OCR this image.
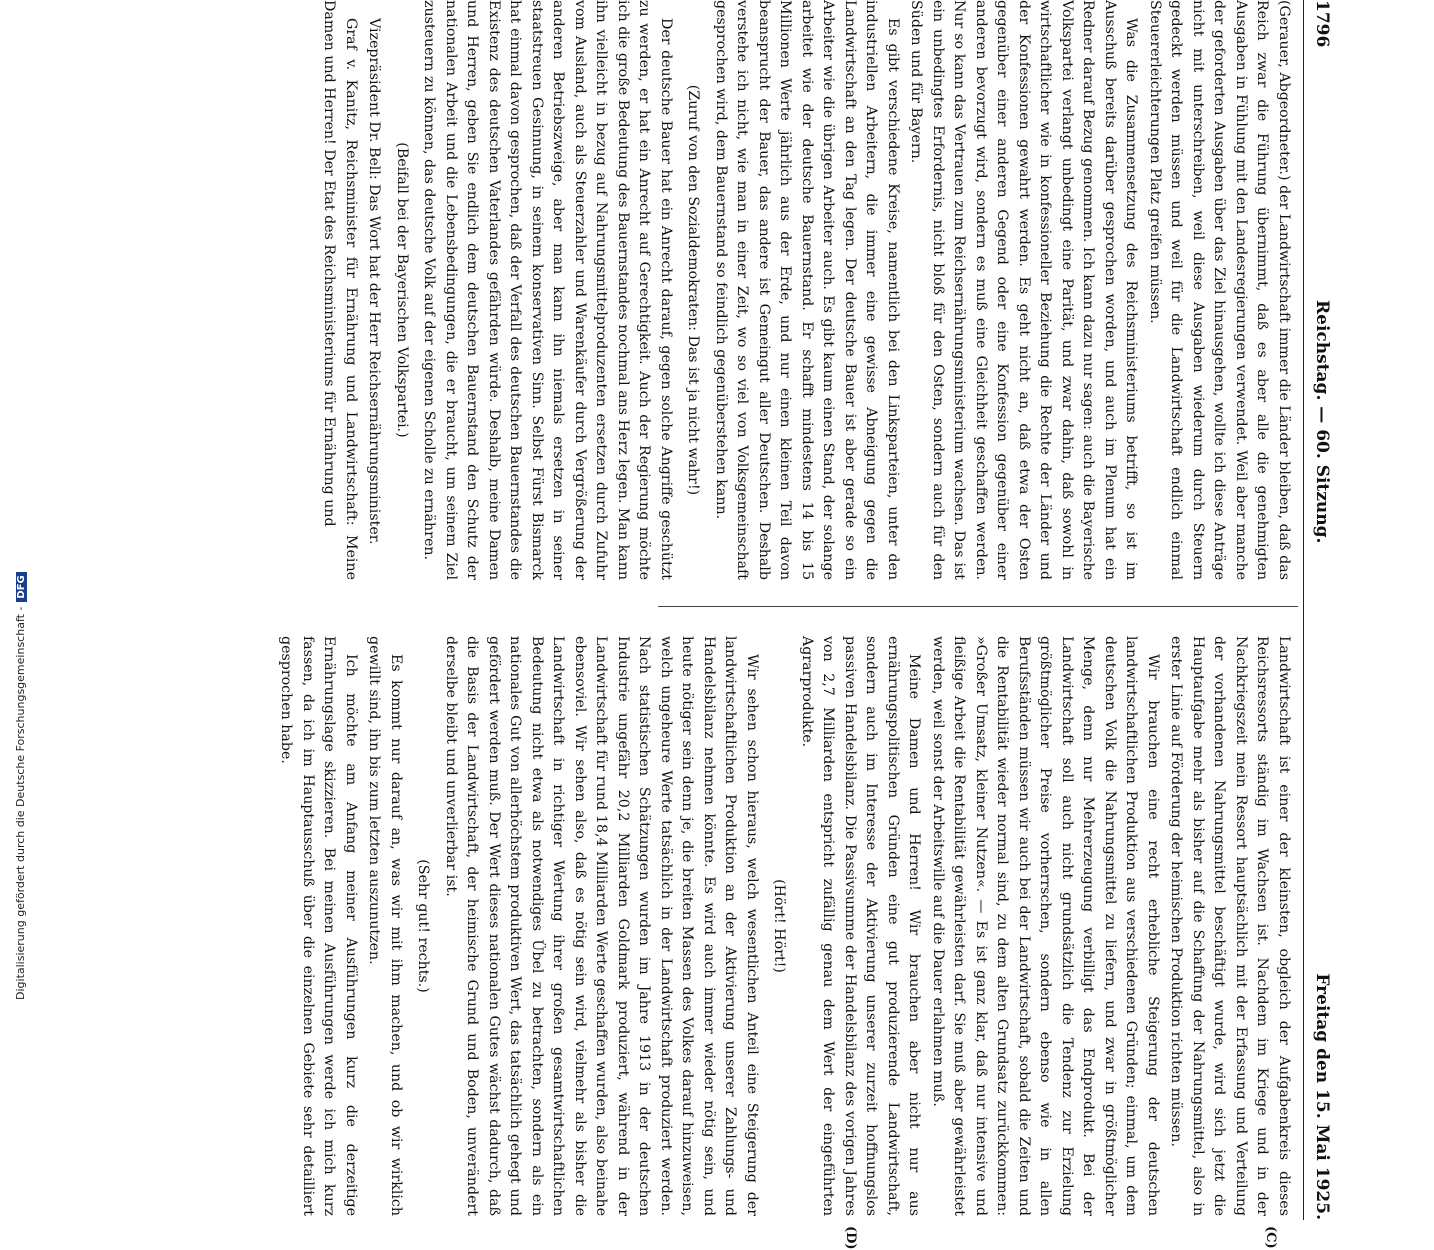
1796
Reichstag. — 60. Sitzung.
Freitag den 15. Mai 1925.
(C)
(D)

(Gerauer, Abgeordneter.) der Landwirtschaft immer die Länder bleiben, daß das Reich zwar die Führung übernimmt, daß es aber alle die genehmigten Ausgaben in Fühlung mit den Landesregierungen verwendet. Weil aber manche der geforderten Ausgaben über das Ziel hinausgehen, wollte ich diese Anträge nicht mit unterschreiben, weil diese Ausgaben wiederum durch Steuern gedeckt werden müssen und weil für die Landwirtschaft endlich einmal Steuererleichterungen Platz greifen müssen.

Was die Zusammensetzung des Reichsministeriums betrifft, so ist im Ausschuß bereits darüber gesprochen worden, und auch im Plenum hat ein Redner darauf Bezug genommen. Ich kann dazu nur sagen: auch die Bayerische Volkspartei verlangt unbedingt eine Parität, und zwar dahin, daß sowohl in wirtschaftlicher wie in konfessioneller Beziehung die Rechte der Länder und der Konfessionen gewahrt werden. Es geht nicht an, daß etwa der Osten gegenüber einer anderen Gegend oder eine Konfession gegenüber einer anderen bevorzugt wird, sondern es muß eine Gleichheit geschaffen werden. Nur so kann das Vertrauen zum Reichsernährungsministerium wachsen. Das ist ein unbedingtes Erfordernis, nicht bloß für den Osten, sondern auch für den Süden und für Bayern.

Es gibt verschiedene Kreise, namentlich bei den Linksparteien, unter den industriellen Arbeitern, die immer eine gewisse Abneigung gegen die Landwirtschaft an den Tag legen. Der deutsche Bauer ist aber gerade so ein Arbeiter wie die übrigen Arbeiter auch. Es gibt kaum einen Stand, der solange arbeitet wie der deutsche Bauernstand. Er schafft mindestens 14 bis 15 Millionen Werte jährlich aus der Erde, und nur einen kleinen Teil davon beansprucht der Bauer, das andere ist Gemeingut aller Deutschen. Deshalb verstehe ich nicht, wie man in einer Zeit, wo so viel von Volksgemeinschaft gesprochen wird, dem Bauernstand so feindlich gegenüberstehen kann.

(Zuruf von den Sozialdemokraten: Das ist ja nicht wahr!)

Der deutsche Bauer hat ein Anrecht darauf, gegen solche Angriffe geschützt zu werden, er hat ein Anrecht auf Gerechtigkeit. Auch der Regierung möchte ich die große Bedeutung des Bauernstandes nochmal ans Herz legen. Man kann ihn vielleicht in bezug auf Nahrungsmittelproduzenten ersetzen durch Zufuhr vom Ausland, auch als Steuerzahler und Warenkäufer durch Vergrößerung der anderen Betriebszweige, aber man kann ihn niemals ersetzen in seiner staatstreuen Gesinnung, in seinem konservativen Sinn. Selbst Fürst Bismarck hat einmal davon gesprochen, daß der Verfall des deutschen Bauernstandes die Existenz des deutschen Vaterlandes gefährden würde. Deshalb, meine Damen und Herren, geben Sie endlich dem deutschen Bauernstand den Schutz der nationalen Arbeit und die Lebensbedingungen, die er braucht, um seinem Ziel zusteuern zu können, das deutsche Volk auf der eigenen Scholle zu ernähren.

(Beifall bei der Bayerischen Volkspartei.)

Vizepräsident Dr. Bell: Das Wort hat der Herr Reichsernährungsminister.

Graf v. Kanitz, Reichsminister für Ernährung und Landwirtschaft: Meine Damen und Herren! Der Etat des Reichsministeriums für Ernährung und

Landwirtschaft ist einer der kleinsten, obgleich der Aufgabenkreis dieses Reichsressorts ständig im Wachsen ist. Nachdem im Kriege und in der Nachkriegszeit mein Ressort hauptsächlich mit der Erfassung und Verteilung der vorhandenen Nahrungsmittel beschäftigt wurde, wird sich jetzt die Hauptaufgabe mehr als bisher auf die Schaffung der Nahrungsmittel, also in erster Linie auf Förderung der heimischen Produktion richten müssen.

Wir brauchen eine recht erhebliche Steigerung der deutschen landwirtschaftlichen Produktion aus verschiedenen Gründen; einmal, um dem deutschen Volk die Nahrungsmittel zu liefern, und zwar in größtmöglicher Menge, denn nur Mehrerzeugung verbilligt das Endprodukt. Bei der Landwirtschaft soll auch nicht grundsätzlich die Tendenz zur Erzielung größtmöglicher Preise vorherrschen, sondern ebenso wie in allen Berufsständen müssen wir auch bei der Landwirtschaft, sobald die Zeiten und die Rentabilität wieder normal sind, zu dem alten Grundsatz zurückkommen: »Großer Umsatz, kleiner Nutzen«. — Es ist ganz klar, daß nur intensive und fleißige Arbeit die Rentabilität gewährleisten darf. Sie muß aber gewährleistet werden, weil sonst der Arbeitswille auf die Dauer erlahmen muß.

Meine Damen und Herren! Wir brauchen aber nicht nur aus ernährungspolitischen Gründen eine gut produzierende Landwirtschaft, sondern auch im Interesse der Aktivierung unserer zurzeit hoffnungslos passiven Handelsbilanz. Die Passivsumme der Handelsbilanz des vorigen Jahres von 2,7 Milliarden entspricht zufällig genau dem Wert der eingeführten Agrarprodukte.

(Hört! Hört!)

Wir sehen schon hieraus, welch wesentlichen Anteil eine Steigerung der landwirtschaftlichen Produktion an der Aktivierung unserer Zahlungs- und Handelsbilanz nehmen könnte. Es wird auch immer wieder nötig sein, und heute nötiger sein denn je, die breiten Massen des Volkes darauf hinzuweisen, welch ungeheure Werte tatsächlich in der Landwirtschaft produziert werden. Nach statistischen Schätzungen wurden im Jahre 1913 in der deutschen Industrie ungefähr 20,2 Milliarden Goldmark produziert, während in der Landwirtschaft für rund 18,4 Milliarden Werte geschaffen wurden, also beinahe ebensoviel. Wir sehen also, daß es nötig sein wird, vielmehr als bisher die Landwirtschaft in richtiger Wertung ihrer großen gesamtwirtschaftlichen Bedeutung nicht etwa als notwendiges Übel zu betrachten, sondern als ein nationales Gut von allerhöchstem produktiven Wert, das tatsächlich gehegt und gefördert werden muß. Der Wert dieses nationalen Gutes wächst dadurch, daß die Basis der Landwirtschaft, der heimische Grund und Boden, unverändert derselbe bleibt und unverlierbar ist.

(Sehr gut! rechts.)

Es kommt nur darauf an, was wir mit ihm machen, und ob wir wirklich gewillt sind, ihn bis zum letzten auszunutzen.

Ich möchte am Anfang meiner Ausführungen kurz die derzeitige Ernährungslage skizzieren. Bei meinen Ausführungen werde ich mich kurz fassen, da ich im Hauptausschuß über die einzelnen Gebiete sehr detailliert gesprochen habe.

Digitalisierung gefördert durch die Deutsche Forschungsgemeinschaft -DFG
